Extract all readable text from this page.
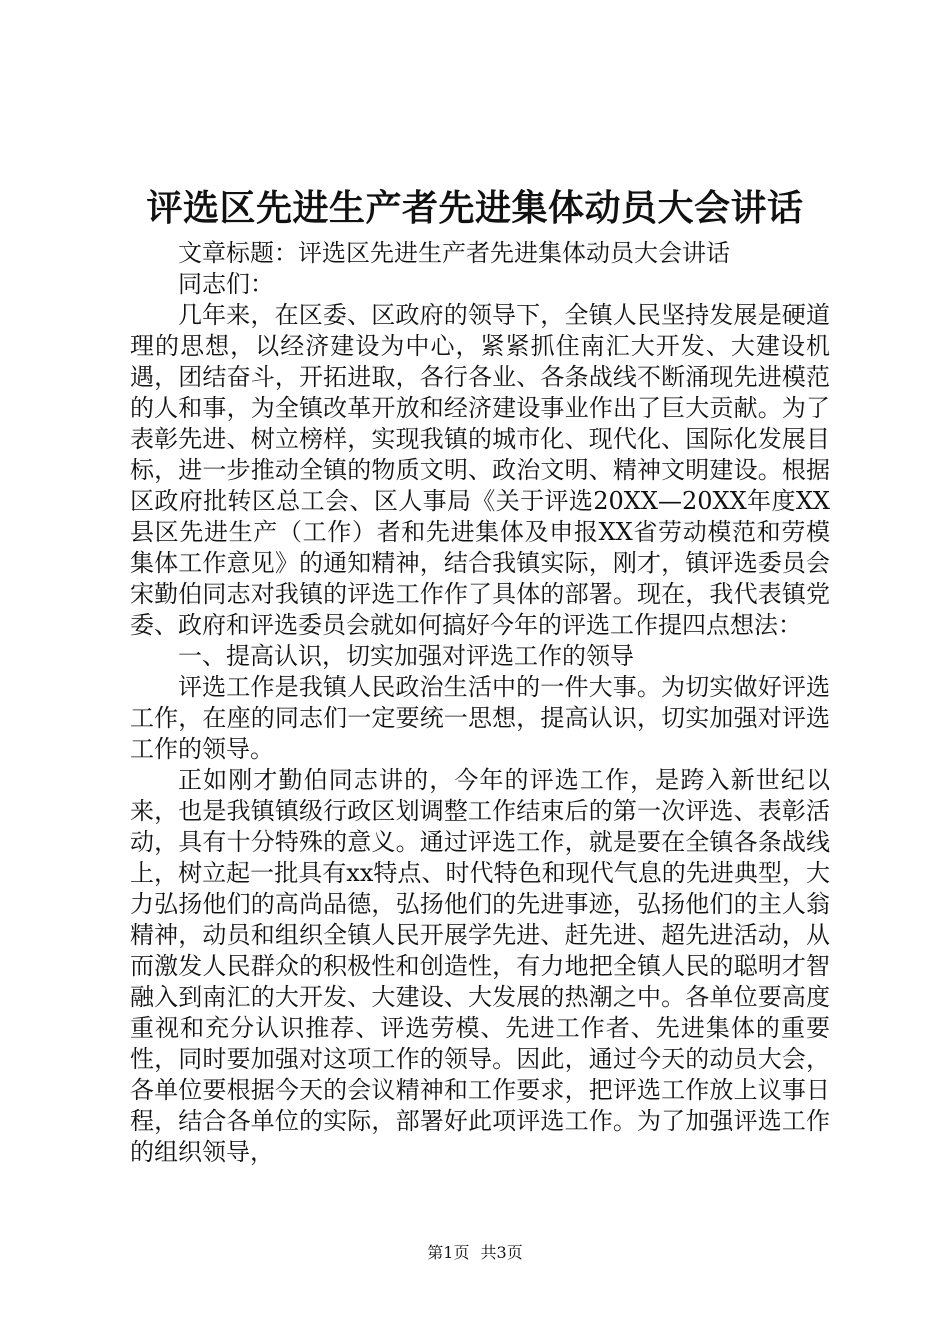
评选区先进生产者先进集体动员大会讲话

文章标题：评选区先进生产者先进集体动员大会讲话

同志们：

几年来，在区委、区政府的领导下，全镇人民坚持发展是硬道理的思想，以经济建设为中心，紧紧抓住南汇大开发、大建设机遇，团结奋斗，开拓进取，各行各业、各条战线不断涌现先进模范的人和事，为全镇改革开放和经济建设事业作出了巨大贡献。为了表彰先进、树立榜样，实现我镇的城市化、现代化、国际化发展目标，进一步推动全镇的物质文明、政治文明、精神文明建设。根据区政府批转区总工会、区人事局《关于评选20XX—20XX年度XX县区先进生产（工作）者和先进集体及申报XX省劳动模范和劳模集体工作意见》的通知精神，结合我镇实际，刚才，镇评选委员会宋勤伯同志对我镇的评选工作作了具体的部署。现在，我代表镇党委、政府和评选委员会就如何搞好今年的评选工作提四点想法：

一、提高认识，切实加强对评选工作的领导

评选工作是我镇人民政治生活中的一件大事。为切实做好评选工作，在座的同志们一定要统一思想，提高认识，切实加强对评选工作的领导。

正如刚才勤伯同志讲的，今年的评选工作，是跨入新世纪以来，也是我镇镇级行政区划调整工作结束后的第一次评选、表彰活动，具有十分特殊的意义。通过评选工作，就是要在全镇各条战线上，树立起一批具有xx特点、时代特色和现代气息的先进典型，大力弘扬他们的高尚品德，弘扬他们的先进事迹，弘扬他们的主人翁精神，动员和组织全镇人民开展学先进、赶先进、超先进活动，从而激发人民群众的积极性和创造性，有力地把全镇人民的聪明才智融入到南汇的大开发、大建设、大发展的热潮之中。各单位要高度重视和充分认识推荐、评选劳模、先进工作者、先进集体的重要性，同时要加强对这项工作的领导。因此，通过今天的动员大会，各单位要根据今天的会议精神和工作要求，把评选工作放上议事日程，结合各单位的实际，部署好此项评选工作。为了加强评选工作的组织领导，

第1页 共3页
